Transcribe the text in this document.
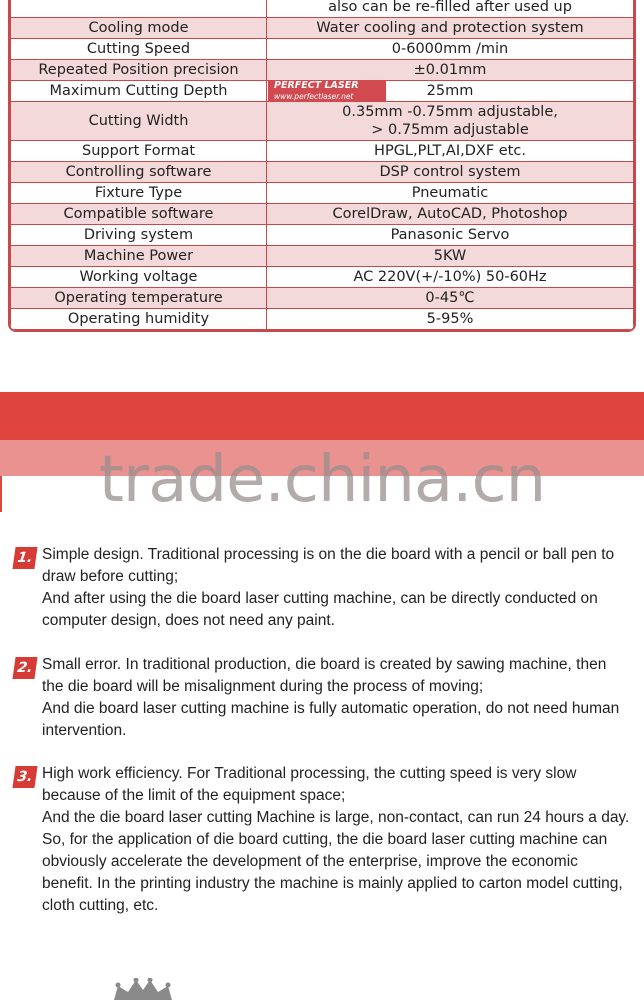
	also can be re-filled after used up

Cooling mode	Water cooling and protection system

Cutting Speed	0-6000mm /min

Repeated Position precision	±0.01mm

Maximum Cutting Depth	25mm

Cutting Width	0.35mm -0.75mm adjustable,
> 0.75mm adjustable

Support Format	HPGL,PLT,AI,DXF etc.

Controlling software	DSP control system

Fixture Type	Pneumatic

Compatible software	CorelDraw, AutoCAD, Photoshop

Driving system	Panasonic Servo

Machine Power	5KW

Working voltage	AC 220V(+/-10%) 50-60Hz

Operating temperature	0-45℃

Operating humidity	5-95%
PERFECT LASER
www.perfectlaser.net
trade.china.cn
1. Simple design. Traditional processing is on the die board with a pencil or ball pen to draw before cutting;

And after using the die board laser cutting machine, can be directly conducted on computer design, does not need any paint.

2. Small error. In traditional production, die board is created by sawing machine, then the die board will be misalignment during the process of moving;

And die board laser cutting machine is fully automatic operation, do not need human intervention.

3. High work efficiency. For Traditional processing, the cutting speed is very slow because of the limit of the equipment space;

And the die board laser cutting Machine is large, non-contact, can run 24 hours a day. So, for the application of die board cutting, the die board laser cutting machine can obviously accelerate the development of the enterprise, improve the economic benefit. In the printing industry the machine is mainly applied to carton model cutting, cloth cutting, etc.
